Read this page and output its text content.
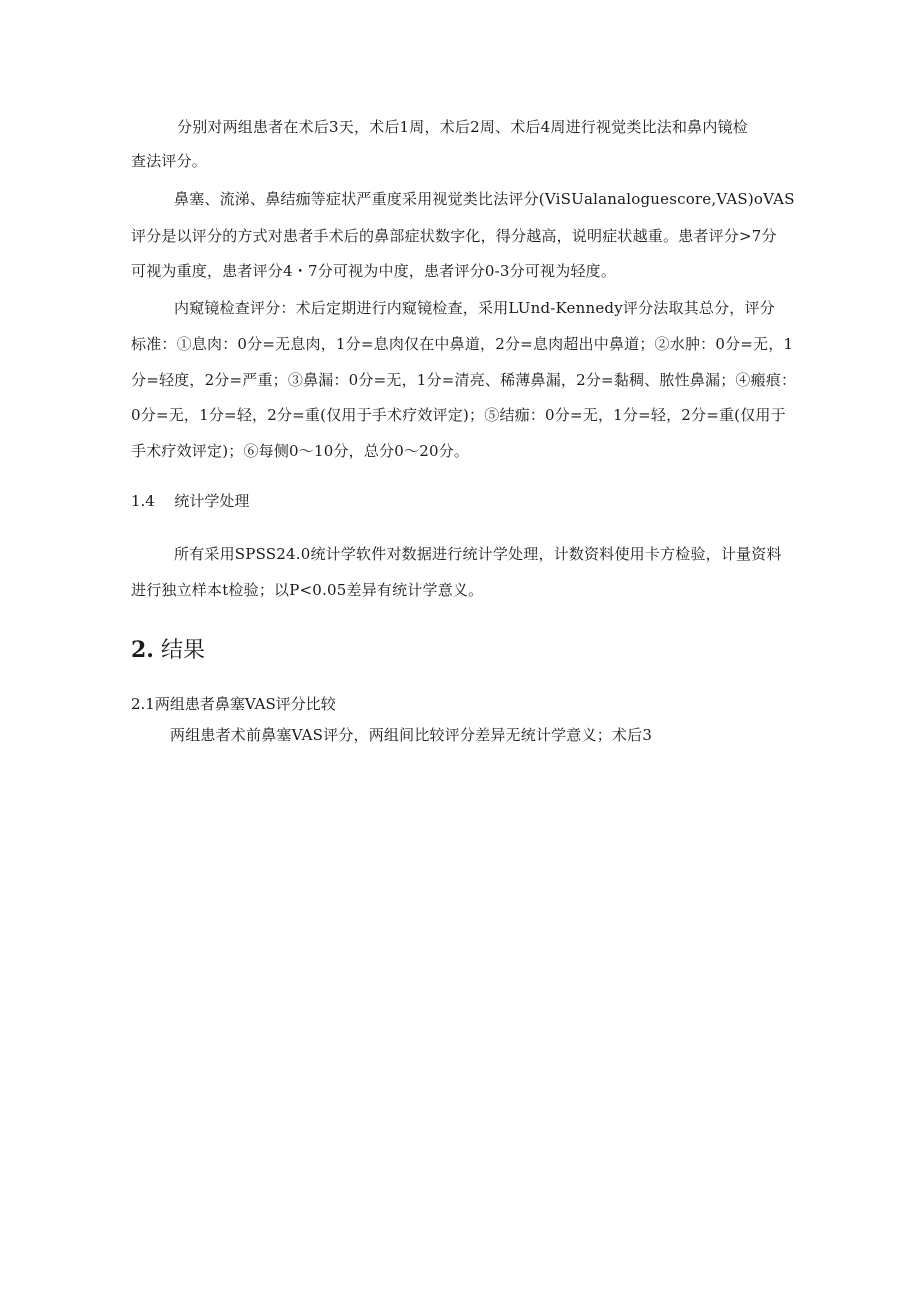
分别对两组患者在术后3天，术后1周，术后2周、术后4周进行视觉类比法和鼻内镜检
查法评分。
鼻塞、流涕、鼻结痂等症状严重度采用视觉类比法评分(ViSUalanaloguescore,VAS)oVAS
评分是以评分的方式对患者手术后的鼻部症状数字化，得分越高，说明症状越重。患者评分>7分
可视为重度，患者评分4・7分可视为中度，患者评分0-3分可视为轻度。
内窥镜检查评分：术后定期进行内窥镜检查，采用LUnd-Kennedy评分法取其总分，评分
标准：①息肉：0分=无息肉，1分=息肉仅在中鼻道，2分=息肉超出中鼻道；②水肿：0分=无，1
分=轻度，2分=严重；③鼻漏：0分=无，1分=清亮、稀薄鼻漏，2分=黏稠、脓性鼻漏；④瘢痕：
0分=无，1分=轻，2分=重(仅用于手术疗效评定)；⑤结痂：0分=无，1分=轻，2分=重(仅用于
手术疗效评定)；⑥每侧0～10分，总分0～20分。
1.4 统计学处理
所有采用SPSS24.0统计学软件对数据进行统计学处理，计数资料使用卡方检验，计量资料
进行独立样本t检验；以P<0.05差异有统计学意义。
2. 结果
2.1两组患者鼻塞VAS评分比较
两组患者术前鼻塞VAS评分，两组间比较评分差异无统计学意义；术后3
